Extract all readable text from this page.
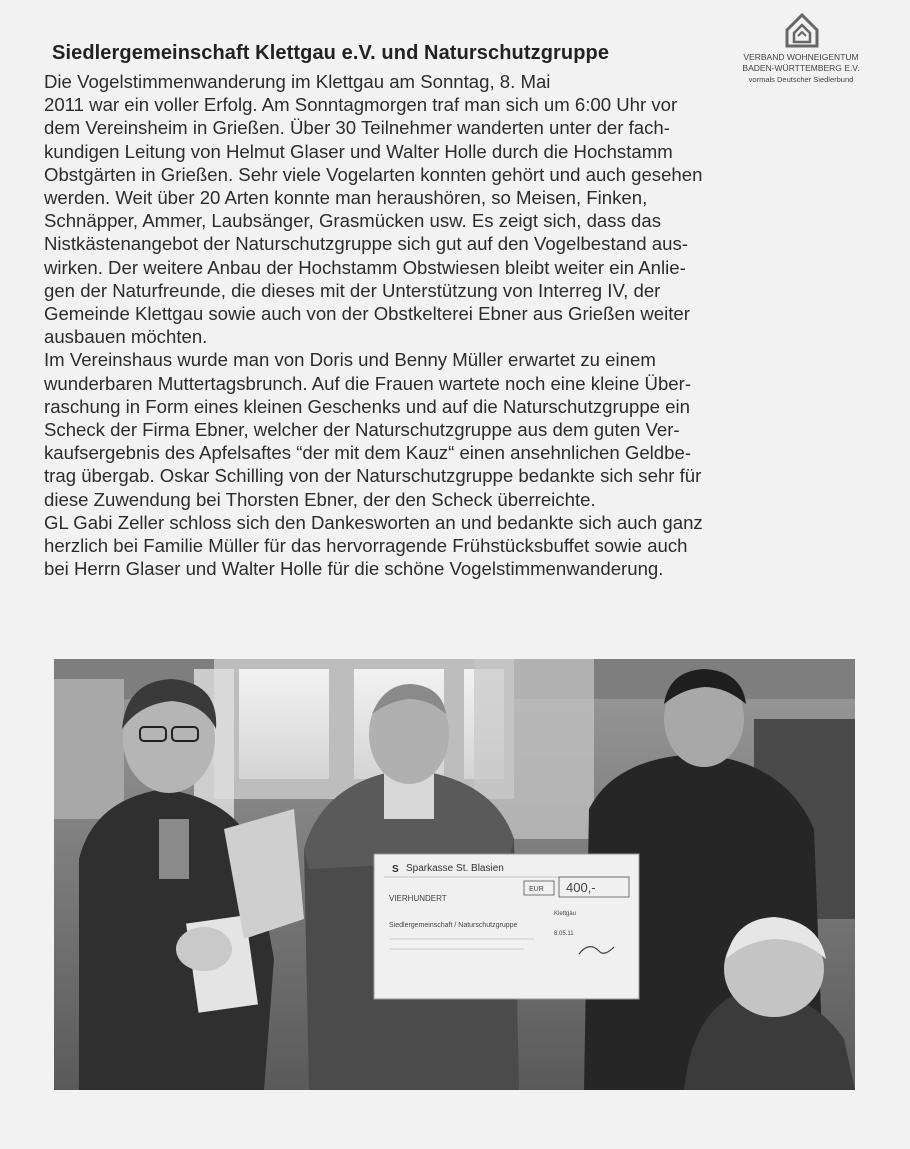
Siedlergemeinschaft Klettgau e.V. und Naturschutzgruppe	VERBAND WOHNEIGENTUM
BADEN-WÜRTTEMBERG E.V.
vormals Deutscher Siedlerbund
Die Vogelstimmenwanderung im Klettgau am Sonntag, 8. Mai
2011 war ein voller Erfolg. Am Sonntagmorgen traf man sich um 6:00 Uhr vor
dem Vereinsheim in Grießen. Über 30 Teilnehmer wanderten unter der fach-
kundigen Leitung von Helmut Glaser und Walter Holle durch die Hochstamm
Obstgärten in Grießen. Sehr viele Vogelarten konnten gehört und auch gesehen
werden. Weit über 20 Arten konnte man heraushören, so Meisen, Finken,
Schnäpper, Ammer, Laubsänger, Grasmücken usw. Es zeigt sich, dass das
Nistkästenangebot der Naturschutzgruppe sich gut auf den Vogelbestand aus-
wirken. Der weitere Anbau der Hochstamm Obstwiesen bleibt weiter ein Anlie-
gen der Naturfreunde, die dieses mit der Unterstützung von Interreg IV, der
Gemeinde Klettgau sowie auch von der Obstkelterei Ebner aus Grießen weiter
ausbauen möchten.
Im Vereinshaus wurde man von Doris und Benny Müller erwartet zu einem
wunderbaren Muttertagsbrunch. Auf die Frauen wartete noch eine kleine Über-
raschung in Form eines kleinen Geschenks und auf die Naturschutzgruppe ein
Scheck der Firma Ebner, welcher der Naturschutzgruppe aus dem guten Ver-
kaufsergebnis des Apfelsaftes “der mit dem Kauz“ einen ansehnlichen Geldbe-
trag übergab. Oskar Schilling von der Naturschutzgruppe bedankte sich sehr für
diese Zuwendung bei Thorsten Ebner, der den Scheck überreichte.
GL Gabi Zeller schloss sich den Dankesworten an und bedankte sich auch ganz
herzlich bei Familie Müller für das hervorragende Frühstücksbuffet sowie auch
bei Herrn Glaser und Walter Holle für die schöne Vogelstimmenwanderung.
S Sparkasse St. Blasien
VIERHUNDERT
EUR 400,-
Klettgau
Siedlergemeinschaft / Naturschutzgruppe
8.05.11
